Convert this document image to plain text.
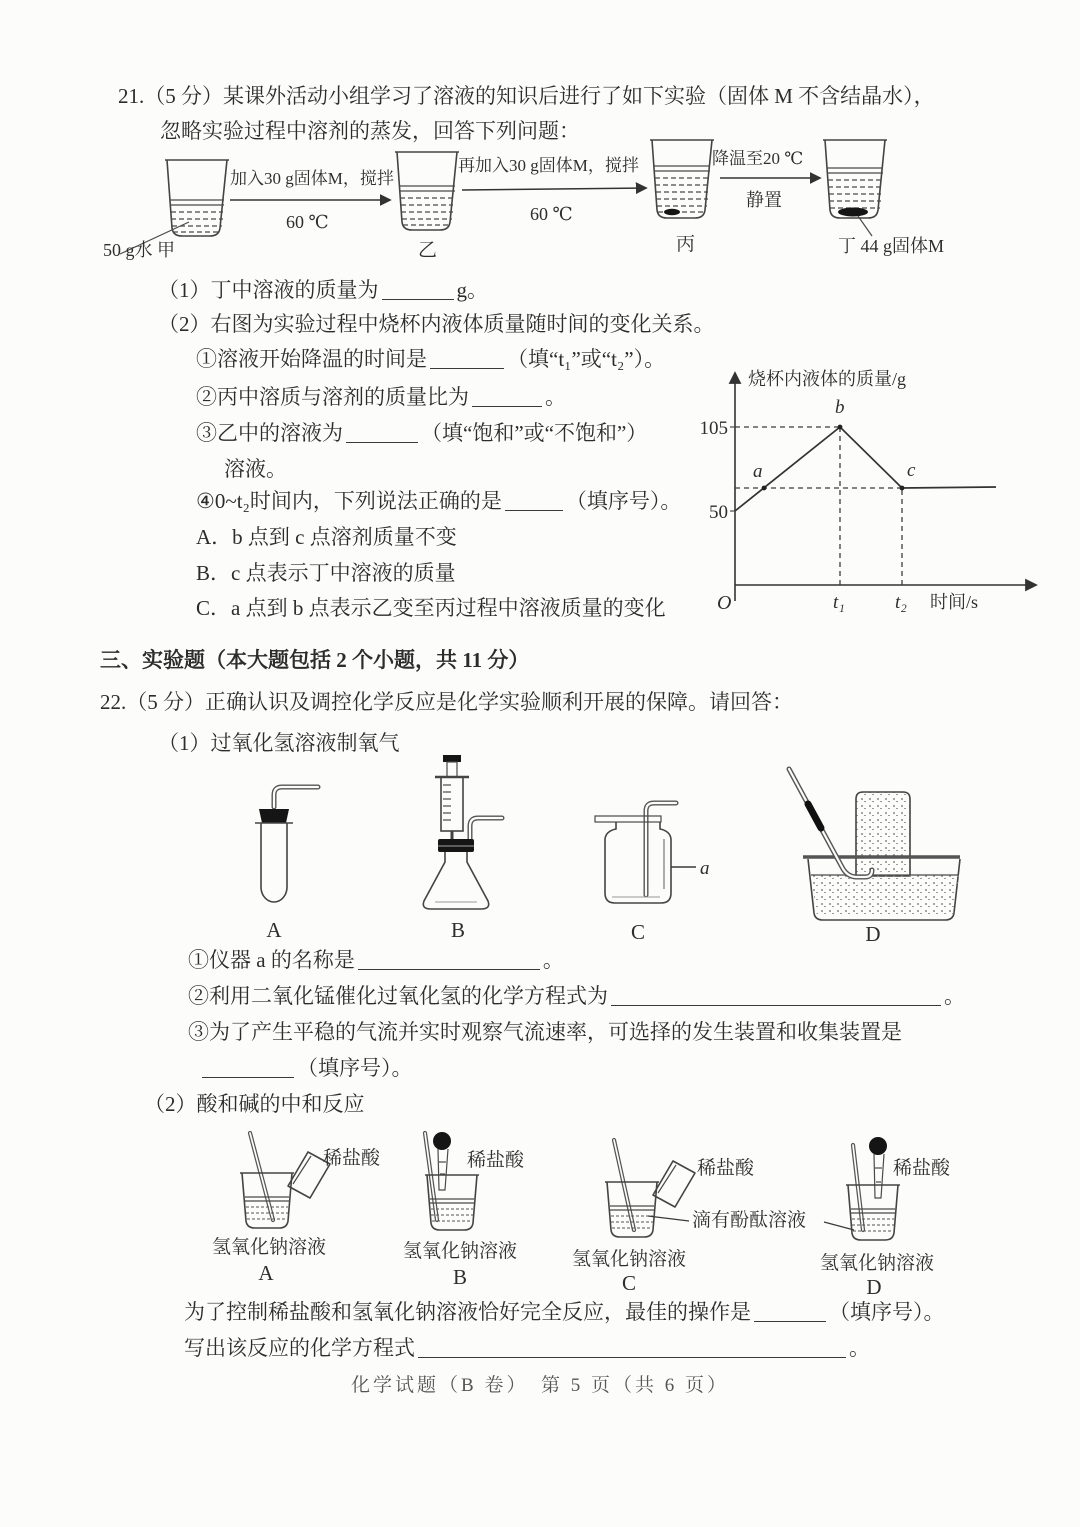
21.（5 分）某课外活动小组学习了溶液的知识后进行了如下实验（固体 M 不含结晶水），
忽略实验过程中溶剂的蒸发，回答下列问题：
50 g水 甲
加入30 g固体M，搅拌
60 ℃
乙
再加入30 g固体M，搅拌
60 ℃
丙
降温至20 ℃
静置
丁 44 g固体M
（1）丁中溶液的质量为	g。
（2）右图为实验过程中烧杯内液体质量随时间的变化关系。
①溶液开始降温的时间是	（填“t₁”或“t₂”）。
②丙中溶质与溶剂的质量比为	。
③乙中的溶液为	（填“饱和”或“不饱和”）
溶液。
④0~t₂时间内，下列说法正确的是	（填序号）。
A．b 点到 c 点溶剂质量不变
B．c 点表示丁中溶液的质量
C．a 点到 b 点表示乙变至丙过程中溶液质量的变化
烧杯内液体的质量/g
105
50
a
b
c
O	t₁	t₂ 时间/s
三、实验题（本大题包括 2 个小题，共 11 分）
22.（5 分）正确认识及调控化学反应是化学实验顺利开展的保障。请回答：
（1）过氧化氢溶液制氧气
A	B
a
C	D
①仪器 a 的名称是	。
②利用二氧化锰催化过氧化氢的化学方程式为	。
③为了产生平稳的气流并实时观察气流速率，可选择的发生装置和收集装置是
（填序号）。
（2）酸和碱的中和反应
稀盐酸
氢氧化钠溶液
A
稀盐酸
氢氧化钠溶液
B
稀盐酸
氢氧化钠溶液
C
滴有酚酞溶液
稀盐酸
氢氧化钠溶液
D
为了控制稀盐酸和氢氧化钠溶液恰好完全反应，最佳的操作是	（填序号）。
写出该反应的化学方程式	。
化学试题（B 卷）　第 5 页（共 6 页）
